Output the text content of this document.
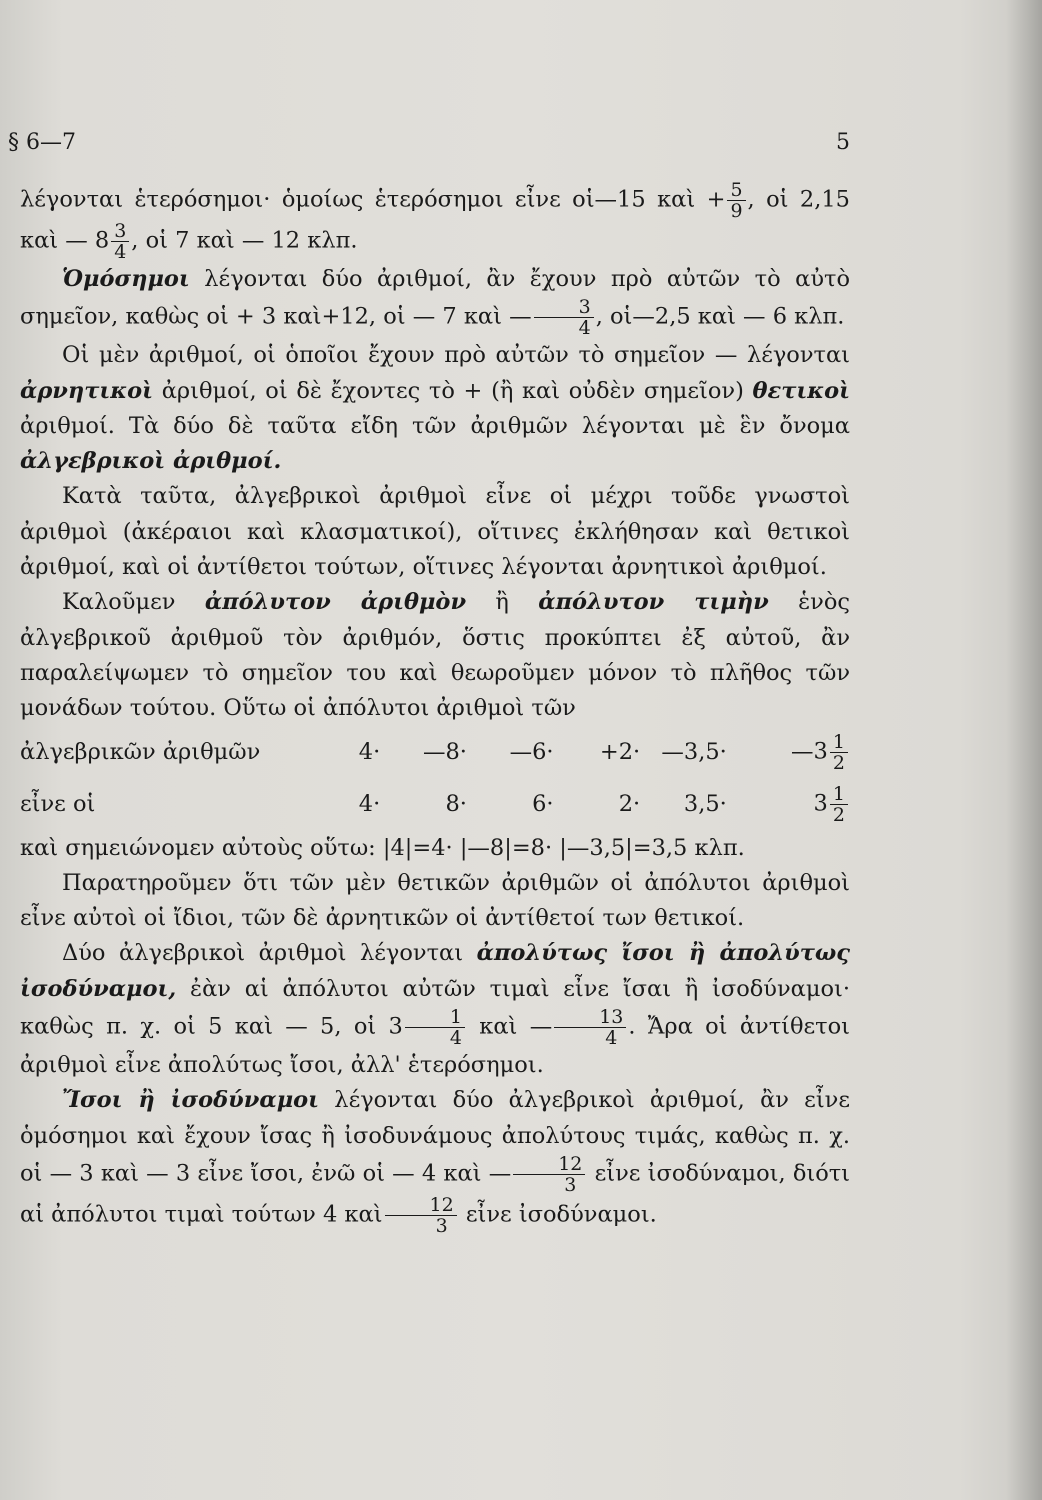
§ 6—7	5

λέγονται ἑτερόσημοι· ὁμοίως ἑτερόσημοι εἶνε οἱ—15 καὶ + $\frac{5}{9}$ , οἱ 2,15 καὶ — $8 \frac{3}{4}$ , οἱ 7 καὶ — 12 κλπ.

Ὁμόσημοι λέγονται δύο ἀριθμοί, ἂν ἔχουν πρὸ αὐτῶν τὸ αὐτὸ σημεῖον, καθὼς οἱ + 3 καὶ+12, οἱ — 7 καὶ — $\frac{3}{4}$ , οἱ—2,5 καὶ — 6 κλπ.

Οἱ μὲν ἀριθμοί, οἱ ὁποῖοι ἔχουν πρὸ αὐτῶν τὸ σημεῖον — λέγονται ἀρνητικοὶ ἀριθμοί, οἱ δὲ ἔχοντες τὸ + (ἢ καὶ οὐδὲν σημεῖον) θετικοὶ ἀριθμοί. Τὰ δύο δὲ ταῦτα εἴδη τῶν ἀριθμῶν λέγονται μὲ ἓν ὄνομα ἀλγεβρικοὶ ἀριθμοί.

Κατὰ ταῦτα, ἀλγεβρικοὶ ἀριθμοὶ εἶνε οἱ μέχρι τοῦδε γνωστοὶ ἀριθμοὶ (ἀκέραιοι καὶ κλασματικοί), οἵτινες ἐκλήθησαν καὶ θετικοὶ ἀριθμοί, καὶ οἱ ἀντίθετοι τούτων, οἵτινες λέγονται ἀρνητικοὶ ἀριθμοί.

Καλοῦμεν ἀπόλυτον ἀριθμὸν ἢ ἀπόλυτον τιμὴν ἑνὸς ἀλγεβρικοῦ ἀριθμοῦ τὸν ἀριθμόν, ὅστις προκύπτει ἐξ αὐτοῦ, ἂν παραλείψωμεν τὸ σημεῖον του καὶ θεωροῦμεν μόνον τὸ πλῆθος τῶν μονάδων τούτου. Οὕτω οἱ ἀπόλυτοι ἀριθμοὶ τῶν

ἀλγεβρικῶν ἀριθμῶν	4·	—8·	—6·	+2· —3,5·	—3 $\frac{1}{2}$
εἶνε οἱ	4·	8·	6·	2·	3,5·	$3 \frac{1}{2}$

καὶ σημειώνομεν αὐτοὺς οὕτω: |4|=4· |—8|=8· |—3,5|=3,5 κλπ.

Παρατηροῦμεν ὅτι τῶν μὲν θετικῶν ἀριθμῶν οἱ ἀπόλυτοι ἀριθμοὶ εἶνε αὐτοὶ οἱ ἴδιοι, τῶν δὲ ἀρνητικῶν οἱ ἀντίθετοί των θετικοί.

Δύο ἀλγεβρικοὶ ἀριθμοὶ λέγονται ἀπολύτως ἴσοι ἢ ἀπολύτως ἰσοδύναμοι, ἐὰν αἱ ἀπόλυτοι αὐτῶν τιμαὶ εἶνε ἴσαι ἢ ἰσοδύναμοι· καθὼς π. χ. οἱ 5 καὶ — 5, οἱ $3 \frac{1}{4}$ καὶ — $\frac{13}{4}$ . Ἄρα οἱ ἀντίθετοι ἀριθμοὶ εἶνε ἀπολύτως ἴσοι, ἀλλ' ἑτερόσημοι.

Ἴσοι ἢ ἰσοδύναμοι λέγονται δύο ἀλγεβρικοὶ ἀριθμοί, ἂν εἶνε ὁμόσημοι καὶ ἔχουν ἴσας ἢ ἰσοδυνάμους ἀπολύτους τιμάς, καθὼς π. χ. οἱ — 3 καὶ — 3 εἶνε ἴσοι, ἐνῶ οἱ — 4 καὶ — $\frac{12}{3}$ εἶνε ἰσοδύναμοι, διότι αἱ ἀπόλυτοι τιμαὶ τούτων 4 καὶ $\frac{12}{3}$ εἶνε ἰσοδύναμοι.
